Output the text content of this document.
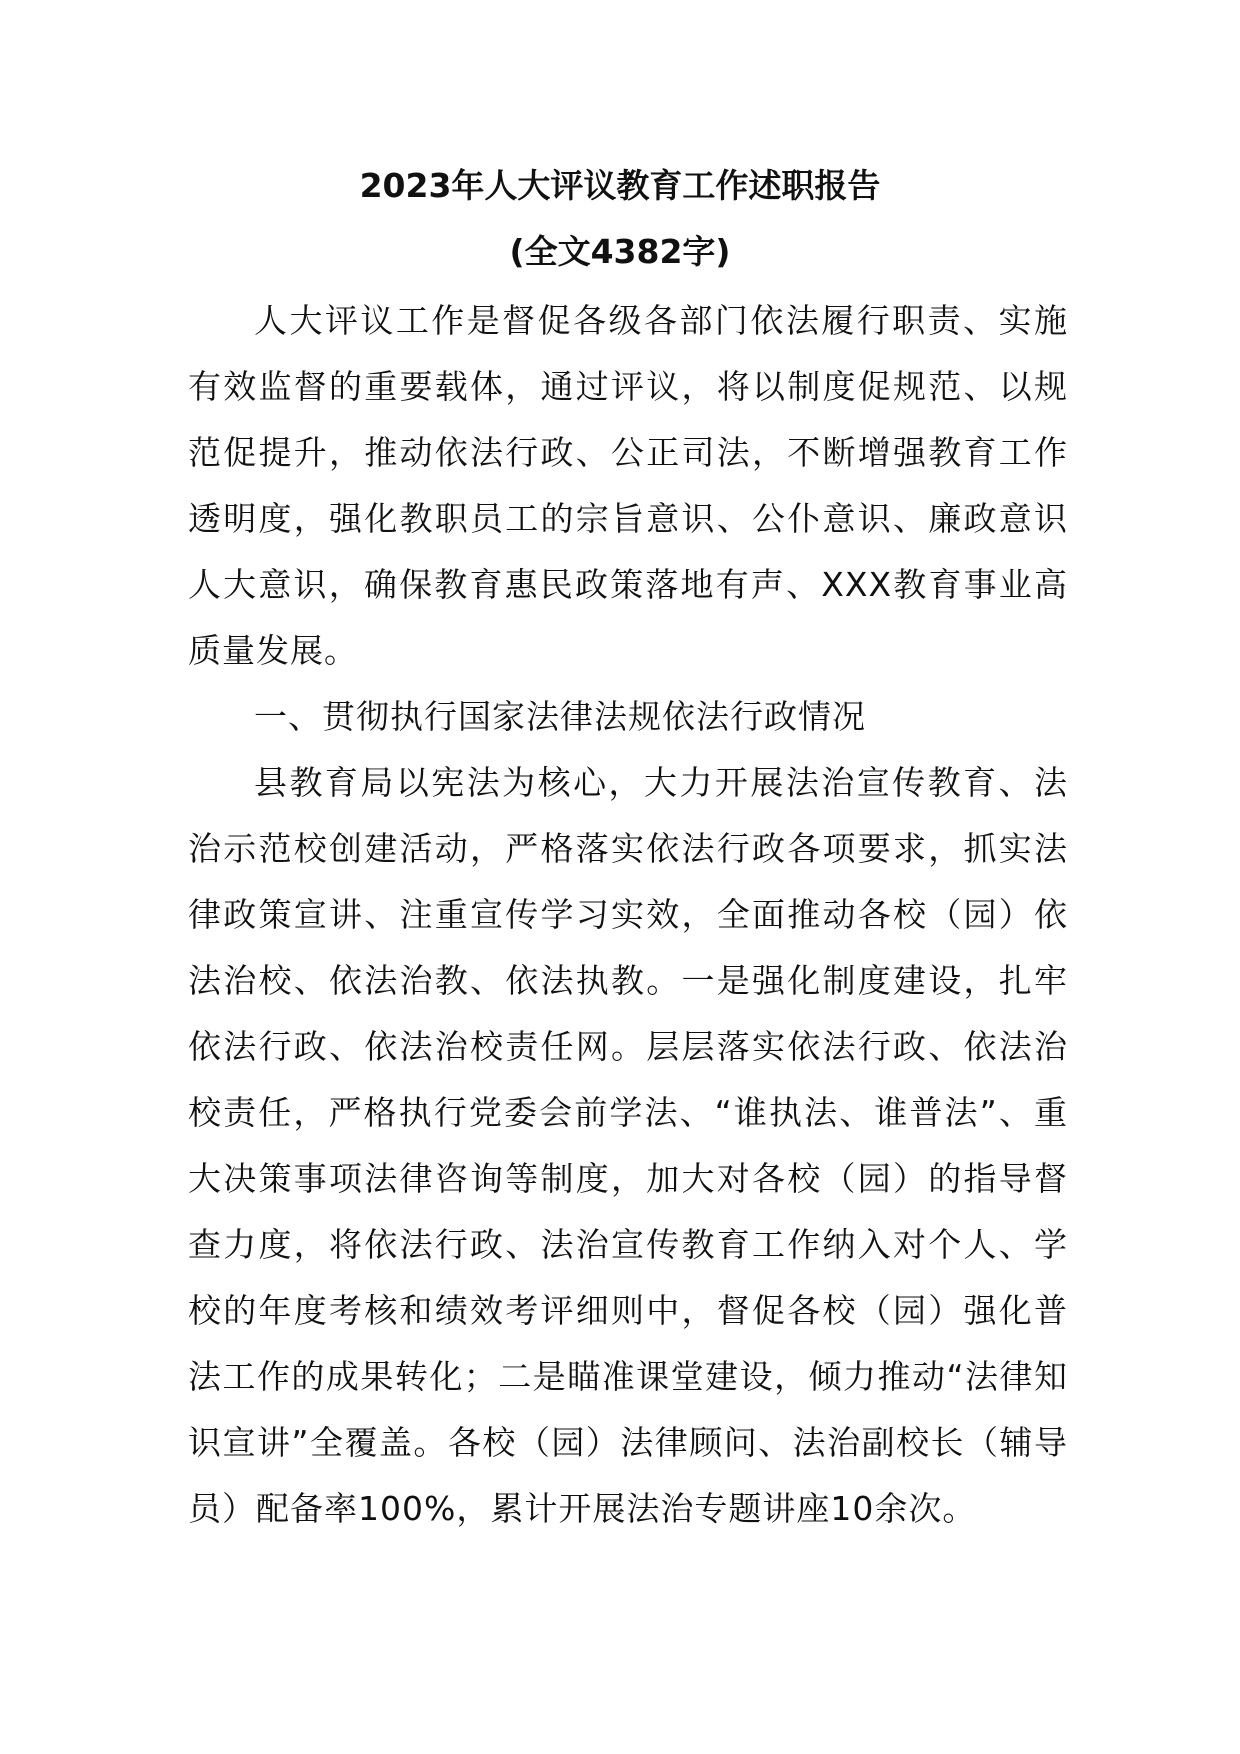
2023年人大评议教育工作述职报告
(全文4382字)

人大评议工作是督促各级各部门依法履行职责、实施有效监督的重要载体，通过评议，将以制度促规范、以规范促提升，推动依法行政、公正司法，不断增强教育工作透明度，强化教职员工的宗旨意识、公仆意识、廉政意识人大意识，确保教育惠民政策落地有声、XXX教育事业高质量发展。

一、贯彻执行国家法律法规依法行政情况

县教育局以宪法为核心，大力开展法治宣传教育、法治示范校创建活动，严格落实依法行政各项要求，抓实法律政策宣讲、注重宣传学习实效，全面推动各校（园）依法治校、依法治教、依法执教。一是强化制度建设，扎牢依法行政、依法治校责任网。层层落实依法行政、依法治校责任，严格执行党委会前学法、“谁执法、谁普法”、重大决策事项法律咨询等制度，加大对各校（园）的指导督查力度，将依法行政、法治宣传教育工作纳入对个人、学校的年度考核和绩效考评细则中，督促各校（园）强化普法工作的成果转化；二是瞄准课堂建设，倾力推动“法律知识宣讲”全覆盖。各校（园）法律顾问、法治副校长（辅导员）配备率100%，累计开展法治专题讲座10余次。
